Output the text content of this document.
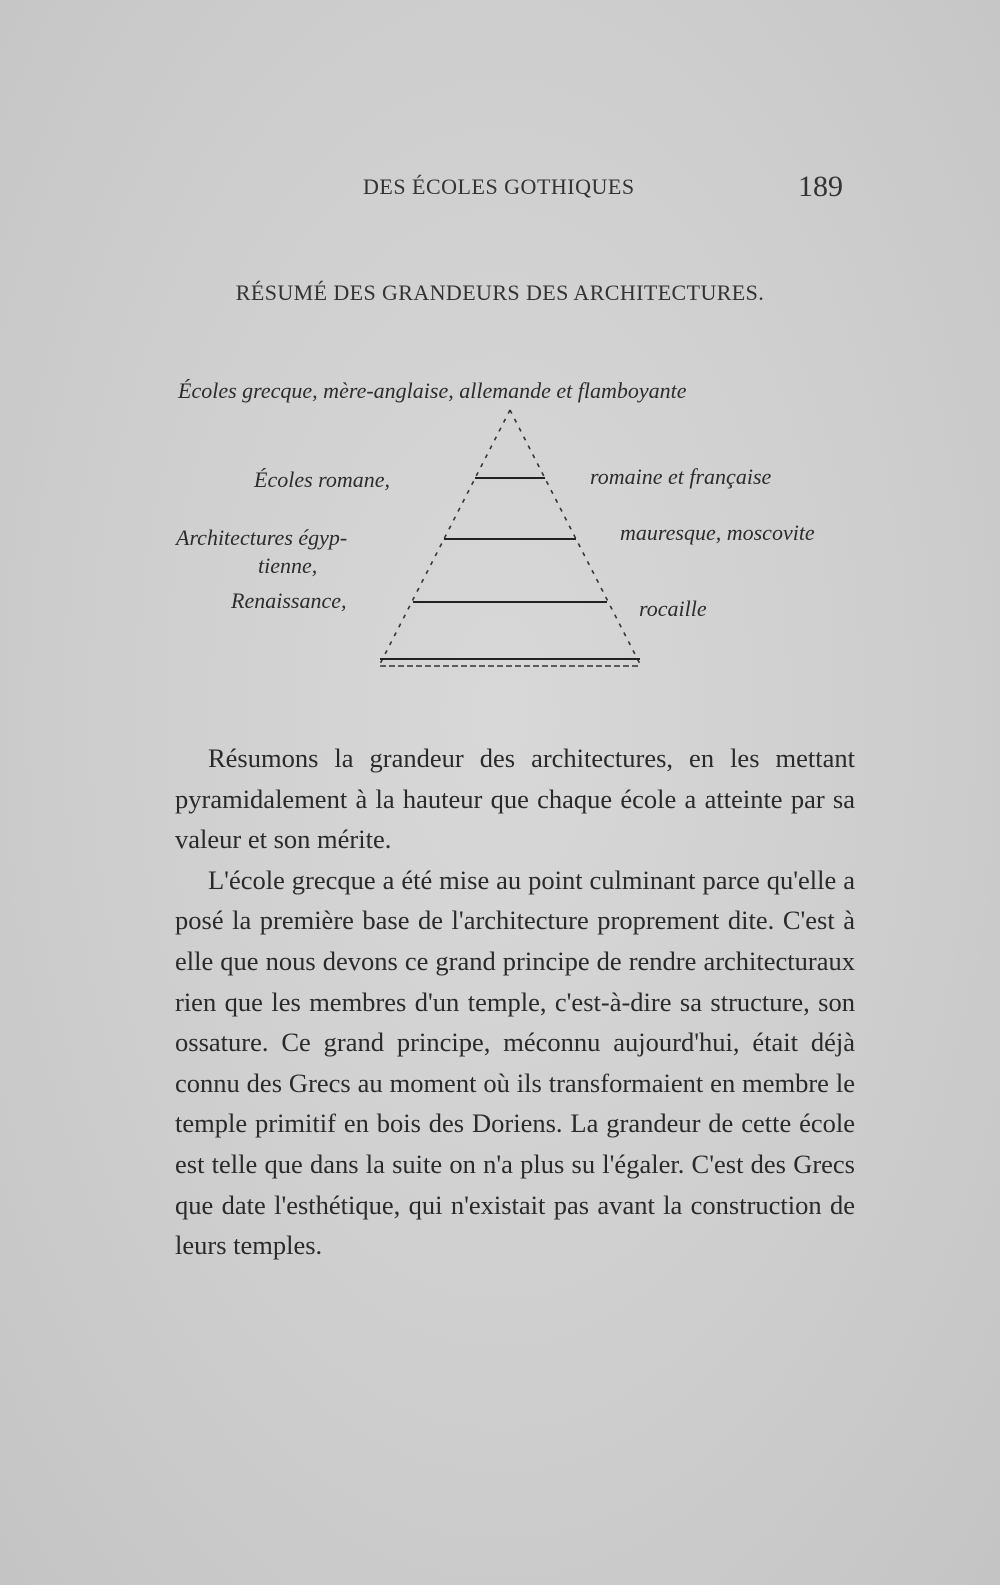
DES ÉCOLES GOTHIQUES	189
RÉSUMÉ DES GRANDEURS DES ARCHITECTURES.
Écoles grecque, mère-anglaise, allemande et flamboyante
Écoles romane,	romaine et française
Architectures égyp-
tienne,
mauresque, moscovite
Renaissance,	rocaille

Résumons la grandeur des architectures, en les mettant pyramidalement à la hauteur que chaque école a atteinte par sa valeur et son mérite.

L'école grecque a été mise au point culminant parce qu'elle a posé la première base de l'architecture proprement dite. C'est à elle que nous devons ce grand principe de rendre architecturaux rien que les membres d'un temple, c'est-à-dire sa structure, son ossature. Ce grand principe, méconnu aujourd'hui, était déjà connu des Grecs au moment où ils transformaient en membre le temple primitif en bois des Doriens. La grandeur de cette école est telle que dans la suite on n'a plus su l'égaler. C'est des Grecs que date l'esthétique, qui n'existait pas avant la construction de leurs temples.
